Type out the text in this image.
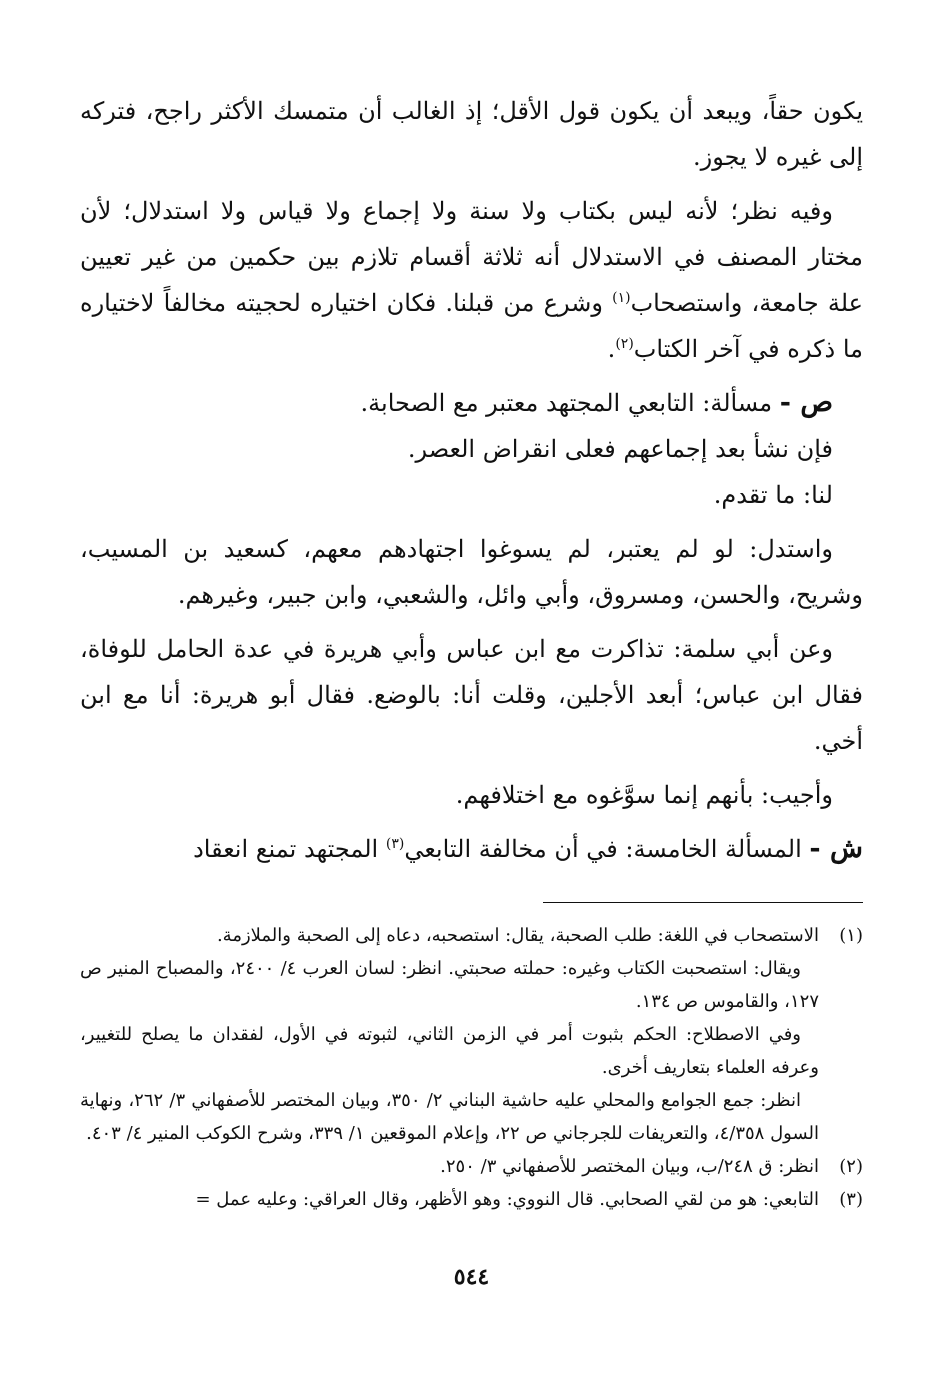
يكون حقاً، ويبعد أن يكون قول الأقل؛ إذ الغالب أن متمسك الأكثر راجح، فتركه إلى غيره لا يجوز.

وفيه نظر؛ لأنه ليس بكتاب ولا سنة ولا إجماع ولا قياس ولا استدلال؛ لأن مختار المصنف في الاستدلال أنه ثلاثة أقسام تلازم بين حكمين من غير تعيين علة جامعة، واستصحاب$^{(١)}$ وشرع من قبلنا. فكان اختياره لحجيته مخالفاً لاختياره ما ذكره في آخر الكتاب$^{(٢)}$.

ص - مسألة: التابعي المجتهد معتبر مع الصحابة.

فإن نشأ بعد إجماعهم فعلى انقراض العصر.

لنا: ما تقدم.

واستدل: لو لم يعتبر، لم يسوغوا اجتهادهم معهم، كسعيد بن المسيب، وشريح، والحسن، ومسروق، وأبي وائل، والشعبي، وابن جبير، وغيرهم.

وعن أبي سلمة: تذاكرت مع ابن عباس وأبي هريرة في عدة الحامل للوفاة، فقال ابن عباس؛ أبعد الأجلين، وقلت أنا: بالوضع. فقال أبو هريرة: أنا مع ابن أخي.

وأجيب: بأنهم إنما سوَّغوه مع اختلافهم.

ش - المسألة الخامسة: في أن مخالفة التابعي$^{(٣)}$ المجتهد تمنع انعقاد

(١)

الاستصحاب في اللغة: طلب الصحبة، يقال: استصحبه، دعاه إلى الصحبة والملازمة.

ويقال: استصحبت الكتاب وغيره: حملته صحبتي. انظر: لسان العرب ٤/ ٢٤٠٠، والمصباح المنير ص ١٢٧، والقاموس ص ١٣٤.

وفي الاصطلاح: الحكم بثبوت أمر في الزمن الثاني، لثبوته في الأول، لفقدان ما يصلح للتغيير، وعرفه العلماء بتعاريف أخرى.

انظر: جمع الجوامع والمحلي عليه حاشية البناني ٢/ ٣٥٠، وبيان المختصر للأصفهاني ٣/ ٢٦٢، ونهاية السول ٤/٣٥٨، والتعريفات للجرجاني ص ٢٢، وإعلام الموقعين ١/ ٣٣٩، وشرح الكوكب المنير ٤/ ٤٠٣.

(٢)

انظر: ق ٢٤٨/ب، وبيان المختصر للأصفهاني ٣/ ٢٥٠.

(٣)

التابعي: هو من لقي الصحابي. قال النووي: وهو الأظهر، وقال العراقي: وعليه عمل =

٥٤٤
